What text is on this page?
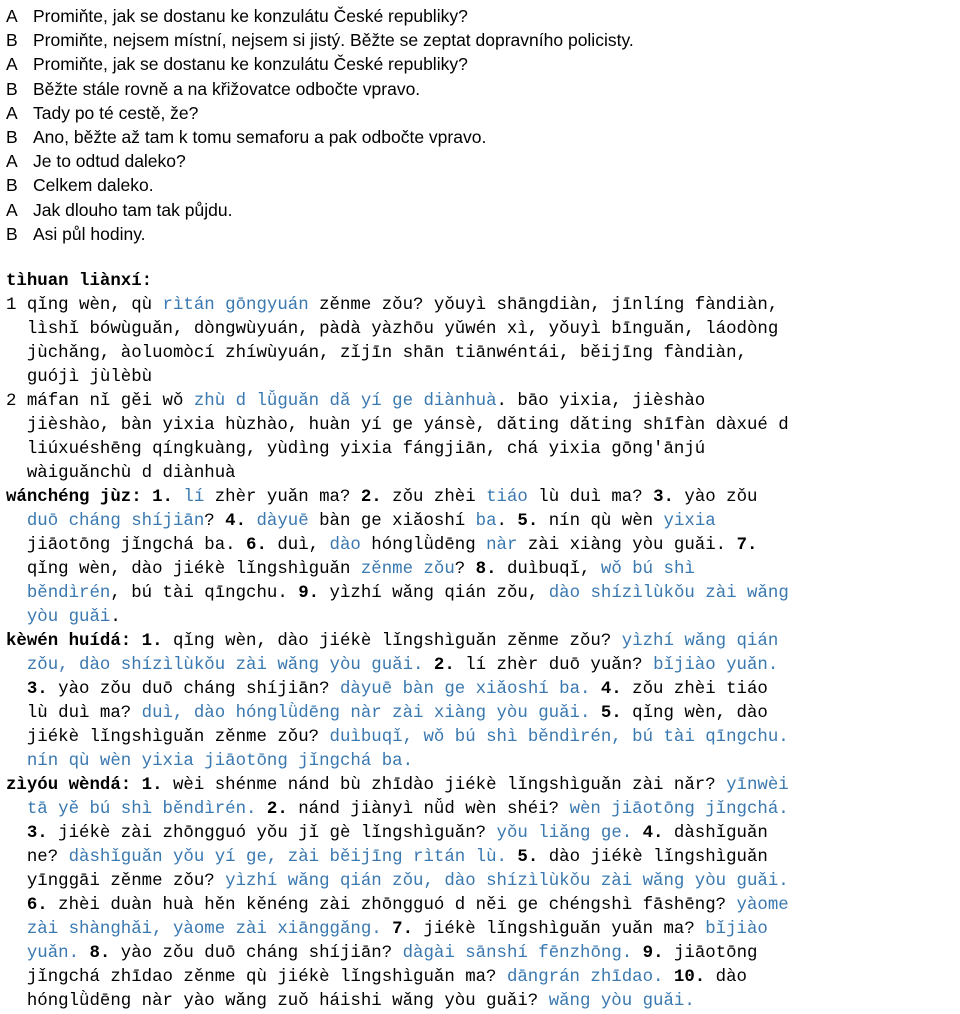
A Promiňte, jak se dostanu ke konzulátu České republiky?
B Promiňte, nejsem místní, nejsem si jistý. Běžte se zeptat dopravního policisty.
A Promiňte, jak se dostanu ke konzulátu České republiky?
B Běžte stále rovně a na křižovatce odbočte vpravo.
A Tady po té cestě, že?
B Ano, běžte až tam k tomu semaforu a pak odbočte vpravo.
A Je to odtud daleko?
B Celkem daleko.
A Jak dlouho tam tak půjdu.
B Asi půl hodiny.
tìhuan liànxí:
1 qǐng wèn, qù rìtán gōngyuán zěnme zǒu? yǒuyì shāngdiàn, jīnlíng fàndiàn,
lìshǐ bówùguǎn, dòngwùyuán, pàdà yàzhōu yǔwén xì, yǒuyì bīnguǎn, láodòng
jùchǎng, àoluomòcí zhíwùyuán, zǐjīn shān tiānwéntái, běijīng fàndiàn,
guójì jùlèbù
2 máfan nǐ gěi wǒ zhù d lǚguǎn dǎ yí ge diànhuà. bāo yixia, jièshào
jièshào, bàn yixia hùzhào, huàn yí ge yánsè, dǎting dǎting shīfàn dàxué d
liúxuéshēng qíngkuàng, yùdìng yixia fángjiān, chá yixia gōng'ānjú
wàiguǎnchù d diànhuà
wánchéng jùz: 1. lí zhèr yuǎn ma? 2. zǒu zhèi tiáo lù duì ma? 3. yào zǒu
duō cháng shíjiān? 4. dàyuē bàn ge xiǎoshí ba. 5. nín qù wèn yixia
jiāotōng jǐngchá ba. 6. duì, dào hónglǜdēng nàr zài xiàng yòu guǎi. 7.
qǐng wèn, dào jiékè lǐngshìguǎn zěnme zǒu? 8. duìbuqǐ, wǒ bú shì
běndìrén, bú tài qīngchu. 9. yìzhí wǎng qián zǒu, dào shízìlùkǒu zài wǎng
yòu guǎi.
kèwén huídá: 1. qǐng wèn, dào jiékè lǐngshìguǎn zěnme zǒu? yìzhí wǎng qián
zǒu, dào shízìlùkǒu zài wǎng yòu guǎi. 2. lí zhèr duō yuǎn? bǐjiào yuǎn.
3. yào zǒu duō cháng shíjiān? dàyuē bàn ge xiǎoshí ba. 4. zǒu zhèi tiáo
lù duì ma? duì, dào hónglǜdēng nàr zài xiàng yòu guǎi. 5. qǐng wèn, dào
jiékè lǐngshìguǎn zěnme zǒu? duìbuqǐ, wǒ bú shì běndìrén, bú tài qīngchu.
nín qù wèn yixia jiāotōng jǐngchá ba.
zìyóu wèndá: 1. wèi shénme nánd bù zhīdào jiékè lǐngshìguǎn zài nǎr? yīnwèi
tā yě bú shì běndìrén. 2. nánd jiànyì nǚd wèn shéi? wèn jiāotōng jǐngchá.
3. jiékè zài zhōngguó yǒu jǐ gè lǐngshìguǎn? yǒu liǎng ge. 4. dàshǐguǎn
ne? dàshǐguǎn yǒu yí ge, zài běijīng rìtán lù. 5. dào jiékè lǐngshìguǎn
yīnggāi zěnme zǒu? yìzhí wǎng qián zǒu, dào shízìlùkǒu zài wǎng yòu guǎi.
6. zhèi duàn huà hěn kěnéng zài zhōngguó d něi ge chéngshì fāshēng? yàome
zài shànghǎi, yàome zài xiānggǎng. 7. jiékè lǐngshìguǎn yuǎn ma? bǐjiào
yuǎn. 8. yào zǒu duō cháng shíjiān? dàgài sānshí fēnzhōng. 9. jiāotōng
jǐngchá zhīdao zěnme qù jiékè lǐngshìguǎn ma? dāngrán zhīdao. 10. dào
hónglǜdēng nàr yào wǎng zuǒ háishi wǎng yòu guǎi? wǎng yòu guǎi.
